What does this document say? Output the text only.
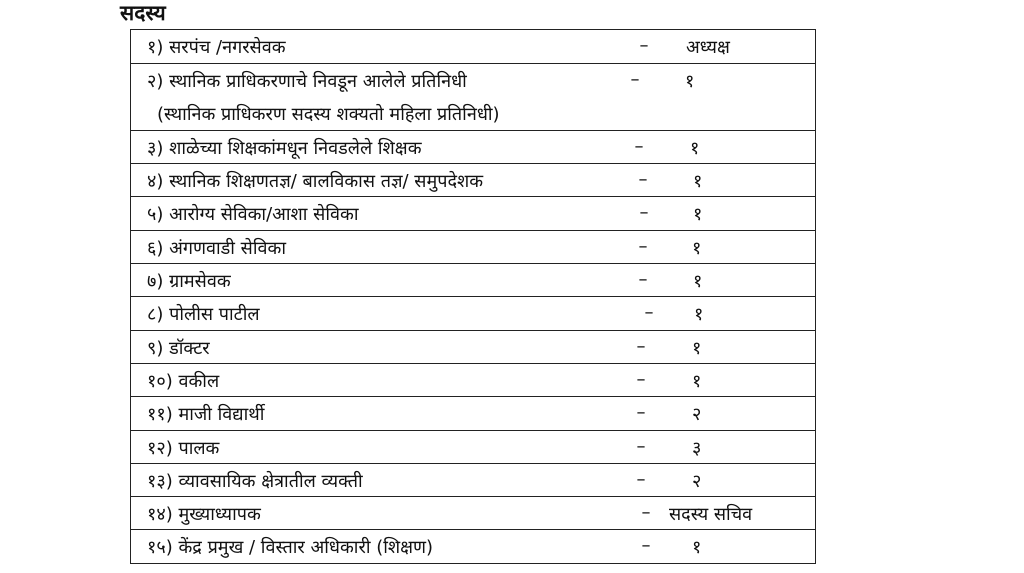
सदस्य
१) सरपंच /नगरसेवक	– अध्यक्ष
२) स्थानिक प्राधिकरणाचे निवडून आलेले प्रतिनिधी	–	१
(स्थानिक प्राधिकरण सदस्य शक्यतो महिला प्रतिनिधी)
३) शाळेच्या शिक्षकांमधून निवडलेले शिक्षक	–	१
४) स्थानिक शिक्षणतज्ञ/ बालविकास तज्ञ/ समुपदेशक	–	१
५) आरोग्य सेविका/आशा सेविका	– १
६) अंगणवाडी सेविका	– १
७) ग्रामसेवक	–	१
८) पोलीस पाटील	– १
९) डॉक्टर	–	१
१०) वकील	–	१
११) माजी विद्यार्थी	–	२
१२) पालक	–	३
१३) व्यावसायिक क्षेत्रातील व्यक्ती	–	२
१४) मुख्याध्यापक	– सदस्य सचिव
१५) केंद्र प्रमुख / विस्तार अधिकारी (शिक्षण)	– १
